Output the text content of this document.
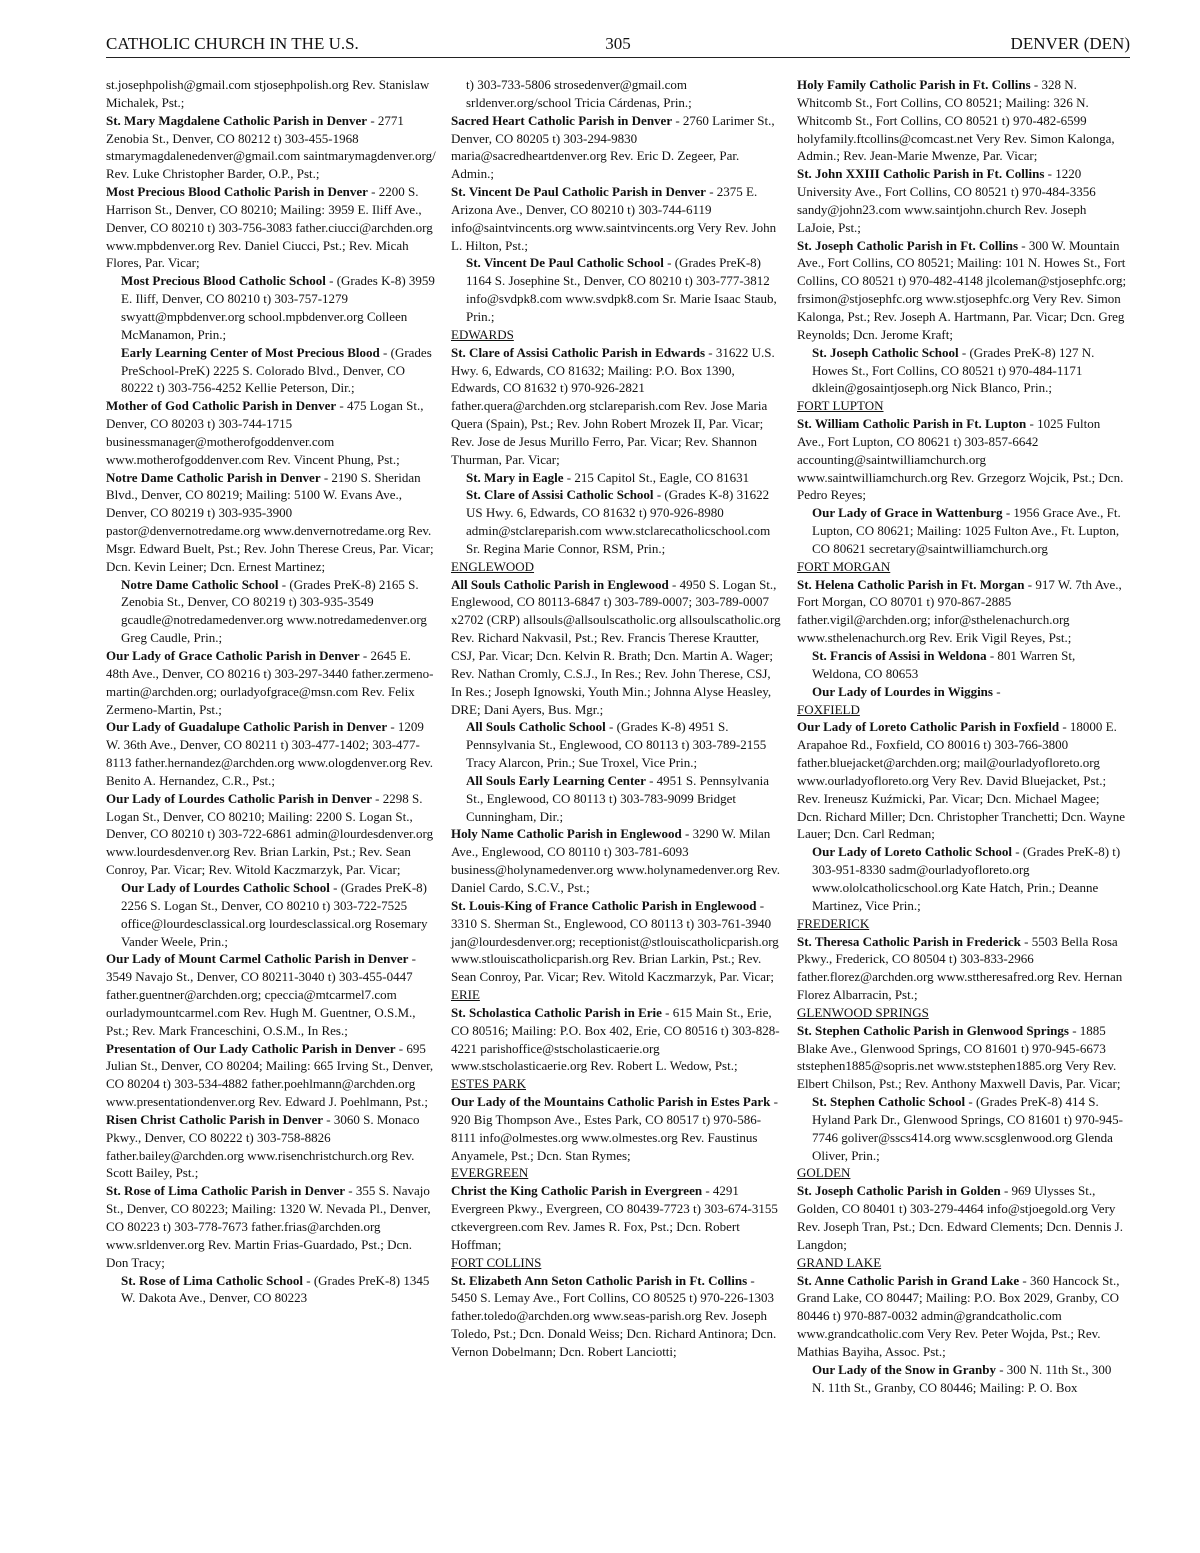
CATHOLIC CHURCH IN THE U.S.	305	DENVER (DEN)
st.josephpolish@gmail.com stjosephpolish.org Rev. Stanislaw Michalek, Pst.;
St. Mary Magdalene Catholic Parish in Denver - 2771 Zenobia St., Denver, CO 80212 t) 303-455-1968 stmarymagdalenedenver@gmail.com saintmarymagdenver.org/ Rev. Luke Christopher Barder, O.P., Pst.;
Most Precious Blood Catholic Parish in Denver - 2200 S. Harrison St., Denver, CO 80210; Mailing: 3959 E. Iliff Ave., Denver, CO 80210 t) 303-756-3083 father.ciucci@archden.org www.mpbdenver.org Rev. Daniel Ciucci, Pst.; Rev. Micah Flores, Par. Vicar;
Most Precious Blood Catholic School - (Grades K-8) 3959 E. Iliff, Denver, CO 80210 t) 303-757-1279 swyatt@mpbdenver.org school.mpbdenver.org Colleen McManamon, Prin.;
Early Learning Center of Most Precious Blood - (Grades PreSchool-PreK) 2225 S. Colorado Blvd., Denver, CO 80222 t) 303-756-4252 Kellie Peterson, Dir.;
Mother of God Catholic Parish in Denver - 475 Logan St., Denver, CO 80203 t) 303-744-1715 businessmanager@motherofgoddenver.com www.motherofgoddenver.com Rev. Vincent Phung, Pst.;
Notre Dame Catholic Parish in Denver - 2190 S. Sheridan Blvd., Denver, CO 80219; Mailing: 5100 W. Evans Ave., Denver, CO 80219 t) 303-935-3900 pastor@denvernotredame.org www.denvernotredame.org Rev. Msgr. Edward Buelt, Pst.; Rev. John Therese Creus, Par. Vicar; Dcn. Kevin Leiner; Dcn. Ernest Martinez;
Notre Dame Catholic School - (Grades PreK-8) 2165 S. Zenobia St., Denver, CO 80219 t) 303-935-3549 gcaudle@notredamedenver.org www.notredamedenver.org Greg Caudle, Prin.;
Our Lady of Grace Catholic Parish in Denver - 2645 E. 48th Ave., Denver, CO 80216 t) 303-297-3440 father.zermeno-martin@archden.org; ourladyofgrace@msn.com Rev. Felix Zermeno-Martin, Pst.;
Our Lady of Guadalupe Catholic Parish in Denver - 1209 W. 36th Ave., Denver, CO 80211 t) 303-477-1402; 303-477-8113 father.hernandez@archden.org www.ologdenver.org Rev. Benito A. Hernandez, C.R., Pst.;
Our Lady of Lourdes Catholic Parish in Denver - 2298 S. Logan St., Denver, CO 80210; Mailing: 2200 S. Logan St., Denver, CO 80210 t) 303-722-6861 admin@lourdesdenver.org www.lourdesdenver.org Rev. Brian Larkin, Pst.; Rev. Sean Conroy, Par. Vicar; Rev. Witold Kaczmarzyk, Par. Vicar;
Our Lady of Lourdes Catholic School - (Grades PreK-8) 2256 S. Logan St., Denver, CO 80210 t) 303-722-7525 office@lourdesclassical.org lourdesclassical.org Rosemary Vander Weele, Prin.;
Our Lady of Mount Carmel Catholic Parish in Denver - 3549 Navajo St., Denver, CO 80211-3040 t) 303-455-0447 father.guentner@archden.org; cpeccia@mtcarmel7.com ourladymountcarmel.com Rev. Hugh M. Guentner, O.S.M., Pst.; Rev. Mark Franceschini, O.S.M., In Res.;
Presentation of Our Lady Catholic Parish in Denver - 695 Julian St., Denver, CO 80204; Mailing: 665 Irving St., Denver, CO 80204 t) 303-534-4882 father.poehlmann@archden.org www.presentationdenver.org Rev. Edward J. Poehlmann, Pst.;
Risen Christ Catholic Parish in Denver - 3060 S. Monaco Pkwy., Denver, CO 80222 t) 303-758-8826 father.bailey@archden.org www.risenchristchurch.org Rev. Scott Bailey, Pst.;
St. Rose of Lima Catholic Parish in Denver - 355 S. Navajo St., Denver, CO 80223; Mailing: 1320 W. Nevada Pl., Denver, CO 80223 t) 303-778-7673 father.frias@archden.org www.srldenver.org Rev. Martin Frias-Guardado, Pst.; Dcn. Don Tracy;
St. Rose of Lima Catholic School - (Grades PreK-8) 1345 W. Dakota Ave., Denver, CO 80223
t) 303-733-5806 strosedenver@gmail.com srldenver.org/school Tricia Cárdenas, Prin.;
Sacred Heart Catholic Parish in Denver - 2760 Larimer St., Denver, CO 80205 t) 303-294-9830 maria@sacredheartdenver.org Rev. Eric D. Zegeer, Par. Admin.;
St. Vincent De Paul Catholic Parish in Denver - 2375 E. Arizona Ave., Denver, CO 80210 t) 303-744-6119 info@saintvincents.org www.saintvincents.org Very Rev. John L. Hilton, Pst.;
St. Vincent De Paul Catholic School - (Grades PreK-8) 1164 S. Josephine St., Denver, CO 80210 t) 303-777-3812 info@svdpk8.com www.svdpk8.com Sr. Marie Isaac Staub, Prin.;
EDWARDS
St. Clare of Assisi Catholic Parish in Edwards - 31622 U.S. Hwy. 6, Edwards, CO 81632; Mailing: P.O. Box 1390, Edwards, CO 81632 t) 970-926-2821 father.quera@archden.org stclareparish.com Rev. Jose Maria Quera (Spain), Pst.; Rev. John Robert Mrozek II, Par. Vicar; Rev. Jose de Jesus Murillo Ferro, Par. Vicar; Rev. Shannon Thurman, Par. Vicar;
St. Mary in Eagle - 215 Capitol St., Eagle, CO 81631
St. Clare of Assisi Catholic School - (Grades K-8) 31622 US Hwy. 6, Edwards, CO 81632 t) 970-926-8980 admin@stclareparish.com www.stclarecatholicschool.com Sr. Regina Marie Connor, RSM, Prin.;
ENGLEWOOD
All Souls Catholic Parish in Englewood - 4950 S. Logan St., Englewood, CO 80113-6847 t) 303-789-0007; 303-789-0007 x2702 (CRP) allsouls@allsoulscatholic.org allsoulscatholic.org Rev. Richard Nakvasil, Pst.; Rev. Francis Therese Krautter, CSJ, Par. Vicar; Dcn. Kelvin R. Brath; Dcn. Martin A. Wager; Rev. Nathan Cromly, C.S.J., In Res.; Rev. John Therese, CSJ, In Res.; Joseph Ignowski, Youth Min.; Johnna Alyse Heasley, DRE; Dani Ayers, Bus. Mgr.;
All Souls Catholic School - (Grades K-8) 4951 S. Pennsylvania St., Englewood, CO 80113 t) 303-789-2155 Tracy Alarcon, Prin.; Sue Troxel, Vice Prin.;
All Souls Early Learning Center - 4951 S. Pennsylvania St., Englewood, CO 80113 t) 303-783-9099 Bridget Cunningham, Dir.;
Holy Name Catholic Parish in Englewood - 3290 W. Milan Ave., Englewood, CO 80110 t) 303-781-6093 business@holynamedenver.org www.holynamedenver.org Rev. Daniel Cardo, S.C.V., Pst.;
St. Louis-King of France Catholic Parish in Englewood - 3310 S. Sherman St., Englewood, CO 80113 t) 303-761-3940 jan@lourdesdenver.org; receptionist@stlouiscatholicparish.org www.stlouiscatholicparish.org Rev. Brian Larkin, Pst.; Rev. Sean Conroy, Par. Vicar; Rev. Witold Kaczmarzyk, Par. Vicar;
ERIE
St. Scholastica Catholic Parish in Erie - 615 Main St., Erie, CO 80516; Mailing: P.O. Box 402, Erie, CO 80516 t) 303-828-4221 parishoffice@stscholasticaerie.org www.stscholasticaerie.org Rev. Robert L. Wedow, Pst.;
ESTES PARK
Our Lady of the Mountains Catholic Parish in Estes Park - 920 Big Thompson Ave., Estes Park, CO 80517 t) 970-586-8111 info@olmestes.org www.olmestes.org Rev. Faustinus Anyamele, Pst.; Dcn. Stan Rymes;
EVERGREEN
Christ the King Catholic Parish in Evergreen - 4291 Evergreen Pkwy., Evergreen, CO 80439-7723 t) 303-674-3155 ctkevergreen.com Rev. James R. Fox, Pst.; Dcn. Robert Hoffman;
FORT COLLINS
St. Elizabeth Ann Seton Catholic Parish in Ft. Collins - 5450 S. Lemay Ave., Fort Collins, CO 80525 t) 970-226-1303 father.toledo@archden.org www.seas-parish.org Rev. Joseph Toledo, Pst.; Dcn. Donald Weiss; Dcn. Richard Antinora; Dcn. Vernon Dobelmann; Dcn. Robert Lanciotti;
Holy Family Catholic Parish in Ft. Collins - 328 N. Whitcomb St., Fort Collins, CO 80521; Mailing: 326 N. Whitcomb St., Fort Collins, CO 80521 t) 970-482-6599 holyfamily.ftcollins@comcast.net Very Rev. Simon Kalonga, Admin.; Rev. Jean-Marie Mwenze, Par. Vicar;
St. John XXIII Catholic Parish in Ft. Collins - 1220 University Ave., Fort Collins, CO 80521 t) 970-484-3356 sandy@john23.com www.saintjohn.church Rev. Joseph LaJoie, Pst.;
St. Joseph Catholic Parish in Ft. Collins - 300 W. Mountain Ave., Fort Collins, CO 80521; Mailing: 101 N. Howes St., Fort Collins, CO 80521 t) 970-482-4148 jlcoleman@stjosephfc.org; frsimon@stjosephfc.org www.stjosephfc.org Very Rev. Simon Kalonga, Pst.; Rev. Joseph A. Hartmann, Par. Vicar; Dcn. Greg Reynolds; Dcn. Jerome Kraft;
St. Joseph Catholic School - (Grades PreK-8) 127 N. Howes St., Fort Collins, CO 80521 t) 970-484-1171 dklein@gosaintjoseph.org Nick Blanco, Prin.;
FORT LUPTON
St. William Catholic Parish in Ft. Lupton - 1025 Fulton Ave., Fort Lupton, CO 80621 t) 303-857-6642 accounting@saintwilliamchurch.org www.saintwilliamchurch.org Rev. Grzegorz Wojcik, Pst.; Dcn. Pedro Reyes;
Our Lady of Grace in Wattenburg - 1956 Grace Ave., Ft. Lupton, CO 80621; Mailing: 1025 Fulton Ave., Ft. Lupton, CO 80621 secretary@saintwilliamchurch.org
FORT MORGAN
St. Helena Catholic Parish in Ft. Morgan - 917 W. 7th Ave., Fort Morgan, CO 80701 t) 970-867-2885 father.vigil@archden.org; infor@sthelenachurch.org www.sthelenachurch.org Rev. Erik Vigil Reyes, Pst.;
St. Francis of Assisi in Weldona - 801 Warren St, Weldona, CO 80653
Our Lady of Lourdes in Wiggins -
FOXFIELD
Our Lady of Loreto Catholic Parish in Foxfield - 18000 E. Arapahoe Rd., Foxfield, CO 80016 t) 303-766-3800 father.bluejacket@archden.org; mail@ourladyofloreto.org www.ourladyofloreto.org Very Rev. David Bluejacket, Pst.; Rev. Ireneusz Kuźmicki, Par. Vicar; Dcn. Michael Magee; Dcn. Richard Miller; Dcn. Christopher Tranchetti; Dcn. Wayne Lauer; Dcn. Carl Redman;
Our Lady of Loreto Catholic School - (Grades PreK-8) t) 303-951-8330 sadm@ourladyofloreto.org www.ololcatholicschool.org Kate Hatch, Prin.; Deanne Martinez, Vice Prin.;
FREDERICK
St. Theresa Catholic Parish in Frederick - 5503 Bella Rosa Pkwy., Frederick, CO 80504 t) 303-833-2966 father.florez@archden.org www.sttheresafred.org Rev. Hernan Florez Albarracin, Pst.;
GLENWOOD SPRINGS
St. Stephen Catholic Parish in Glenwood Springs - 1885 Blake Ave., Glenwood Springs, CO 81601 t) 970-945-6673 ststephen1885@sopris.net www.ststephen1885.org Very Rev. Elbert Chilson, Pst.; Rev. Anthony Maxwell Davis, Par. Vicar;
St. Stephen Catholic School - (Grades PreK-8) 414 S. Hyland Park Dr., Glenwood Springs, CO 81601 t) 970-945-7746 goliver@sscs414.org www.scsglenwood.org Glenda Oliver, Prin.;
GOLDEN
St. Joseph Catholic Parish in Golden - 969 Ulysses St., Golden, CO 80401 t) 303-279-4464 info@stjoegold.org Very Rev. Joseph Tran, Pst.; Dcn. Edward Clements; Dcn. Dennis J. Langdon;
GRAND LAKE
St. Anne Catholic Parish in Grand Lake - 360 Hancock St., Grand Lake, CO 80447; Mailing: P.O. Box 2029, Granby, CO 80446 t) 970-887-0032 admin@grandcatholic.com www.grandcatholic.com Very Rev. Peter Wojda, Pst.; Rev. Mathias Bayiha, Assoc. Pst.;
Our Lady of the Snow in Granby - 300 N. 11th St., 300 N. 11th St., Granby, CO 80446; Mailing: P. O. Box
